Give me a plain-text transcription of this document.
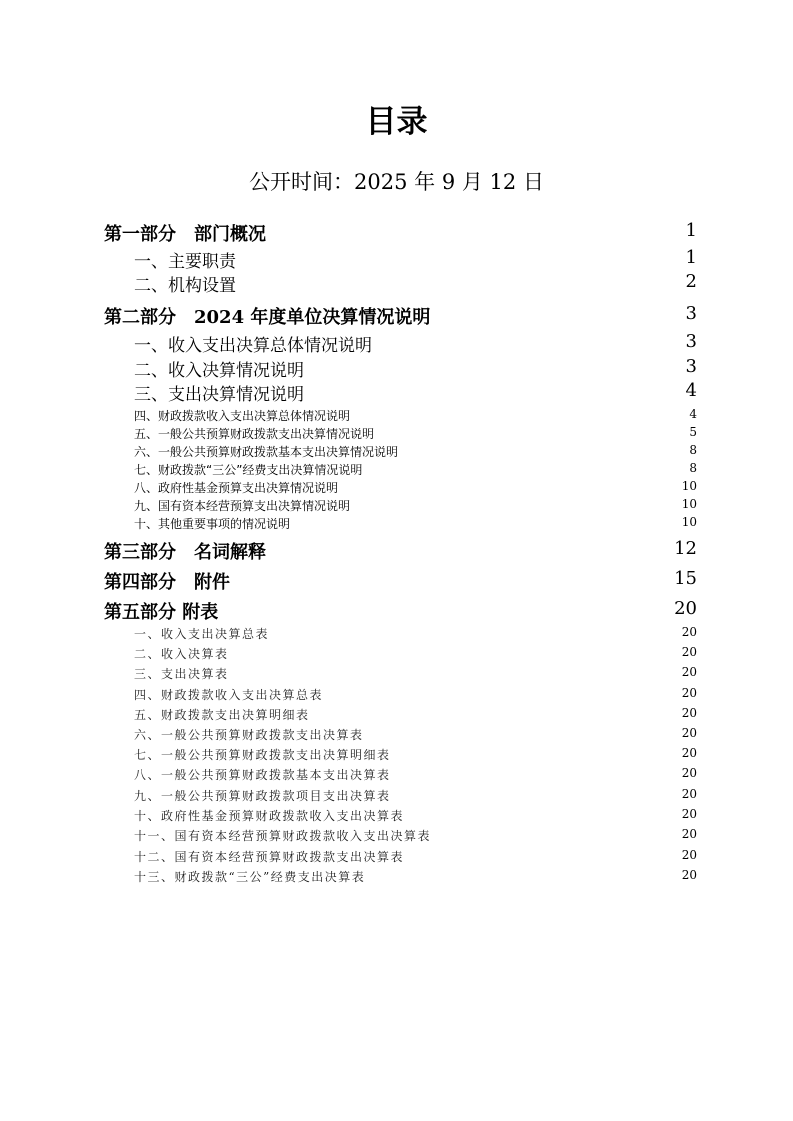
目录
公开时间：2025 年 9 月 12 日
第一部分　部门概况	1
一、主要职责	1
二、机构设置	2
第二部分　2024 年度单位决算情况说明	3
一、收入支出决算总体情况说明	3
二、收入决算情况说明	3
三、支出决算情况说明	4
四、财政拨款收入支出决算总体情况说明	4
五、一般公共预算财政拨款支出决算情况说明	5
六、一般公共预算财政拨款基本支出决算情况说明	8
七、财政拨款“三公”经费支出决算情况说明	8
八、政府性基金预算支出决算情况说明	10
九、国有资本经营预算支出决算情况说明	10
十、其他重要事项的情况说明	10
第三部分　名词解释	12
第四部分　附件	15
第五部分 附表	20
一、收入支出决算总表	20
二、收入决算表	20
三、支出决算表	20
四、财政拨款收入支出决算总表	20
五、财政拨款支出决算明细表	20
六、一般公共预算财政拨款支出决算表	20
七、一般公共预算财政拨款支出决算明细表	20
八、一般公共预算财政拨款基本支出决算表	20
九、一般公共预算财政拨款项目支出决算表	20
十、政府性基金预算财政拨款收入支出决算表	20
十一、国有资本经营预算财政拨款收入支出决算表	20
十二、国有资本经营预算财政拨款支出决算表	20
十三、财政拨款“三公”经费支出决算表	20
